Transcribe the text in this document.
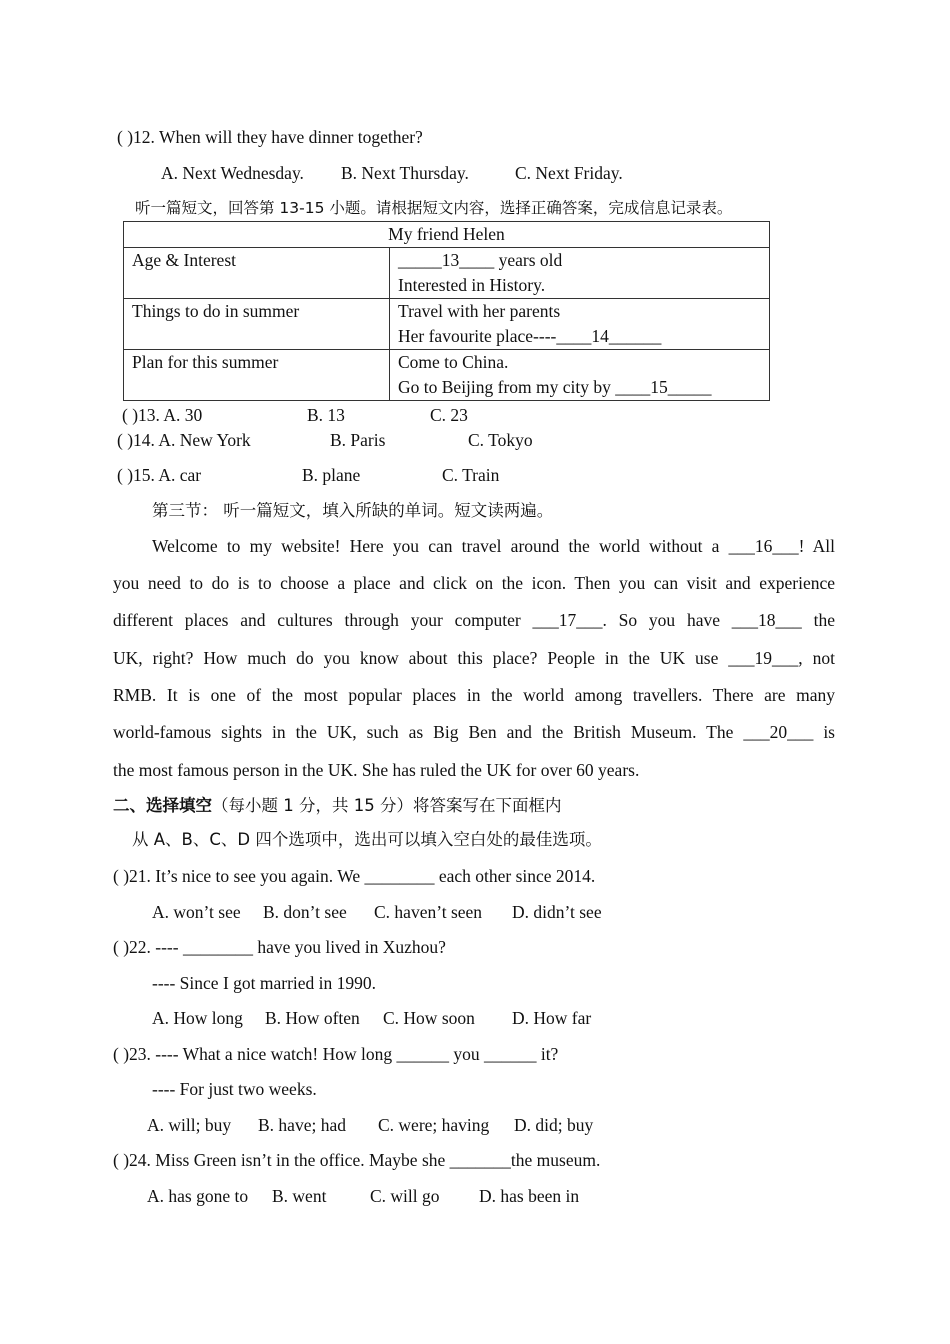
( )12. When will they have dinner together?
A. Next Wednesday. B. Next Thursday.	C. Next Friday.
听一篇短文，回答第 13-15 小题。请根据短文内容，选择正确答案，完成信息记录表。
My friend Helen	
Age & Interest	_____13____ years old
Interested in History.

Things to do in summer	Travel with her parents
Her favourite place----____14______

Plan for this summer	Come to China.
Go to Beijing from my city by ____15_____
( )13. A. 30	B. 13	C. 23
( )14. A. New York	B. Paris	C. Tokyo
( )15. A. car	B. plane	C. Train
第三节： 听一篇短文，填入所缺的单词。短文读两遍。
Welcome to my website! Here you can travel around the world without a ___16___! All
you need to do is to choose a place and click on the icon. Then you can visit and experience
different places and cultures through your computer ___17___. So you have ___18___ the
UK, right? How much do you know about this place? People in the UK use ___19___, not
RMB. It is one of the most popular places in the world among travellers. There are many
world-famous sights in the UK, such as Big Ben and the British Museum. The ___20___ is
the most famous person in the UK. She has ruled the UK for over 60 years.
二、选择填空（每小题 1 分，共 15 分）将答案写在下面框内
从 A、B、C、D 四个选项中，选出可以填入空白处的最佳选项。
( )21. It’s nice to see you again. We ________ each other since 2014.
A. won’t see B. don’t see C. haven’t seen D. didn’t see
( )22. ---- ________ have you lived in Xuzhou?
---- Since I got married in 1990.
A. How long B. How often C. How soon D. How far
( )23. ---- What a nice watch! How long ______ you ______ it?
---- For just two weeks.
A. will; buy B. have; had C. were; having D. did; buy
( )24. Miss Green isn’t in the office. Maybe she _______the museum.
A. has gone to B. went C. will go D. has been in
